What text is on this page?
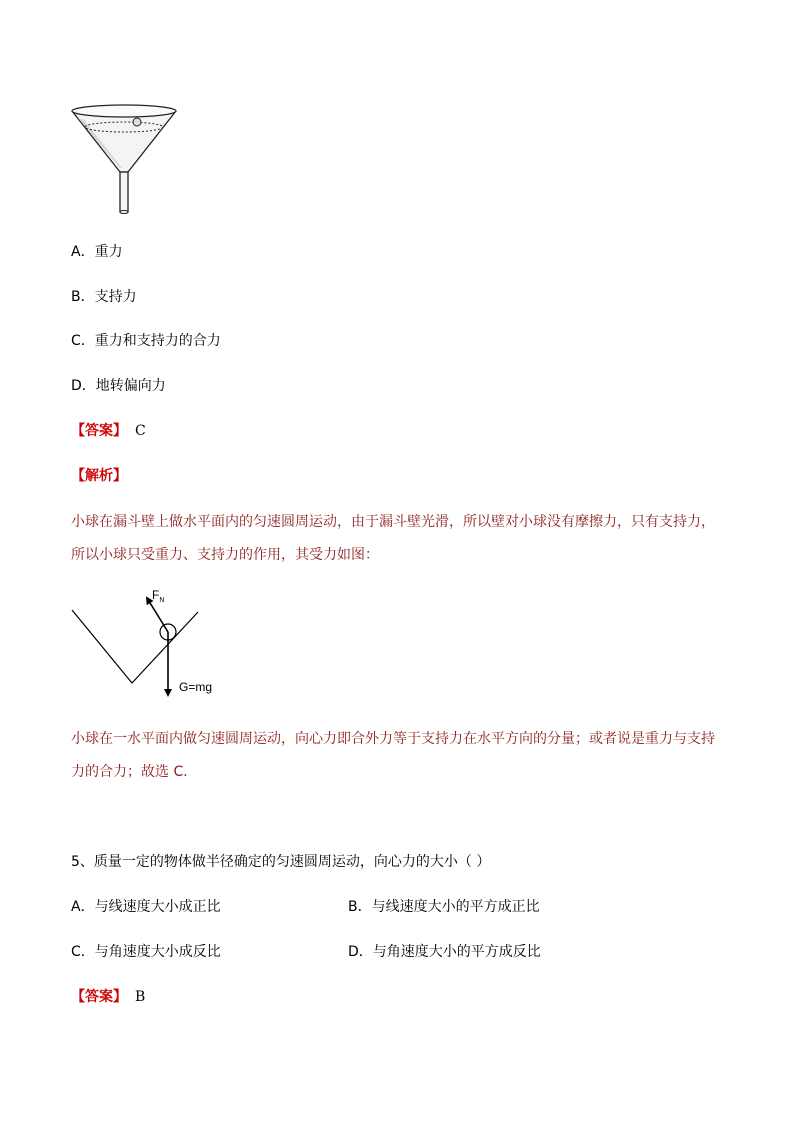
A．重力
B．支持力
C．重力和支持力的合力
D．地转偏向力
【答案】 C
【解析】
小球在漏斗壁上做水平面内的匀速圆周运动，由于漏斗壁光滑，所以壁对小球没有摩擦力，只有支持力，
所以小球只受重力、支持力的作用，其受力如图：
$F_N$
G=mg
小球在一水平面内做匀速圆周运动，向心力即合外力等于支持力在水平方向的分量；或者说是重力与支持
力的合力；故选 C．
5、质量一定的物体做半径确定的匀速圆周运动，向心力的大小（ ）
A．与线速度大小成正比	B．与线速度大小的平方成正比
C．与角速度大小成反比	D．与角速度大小的平方成反比
【答案】 B
